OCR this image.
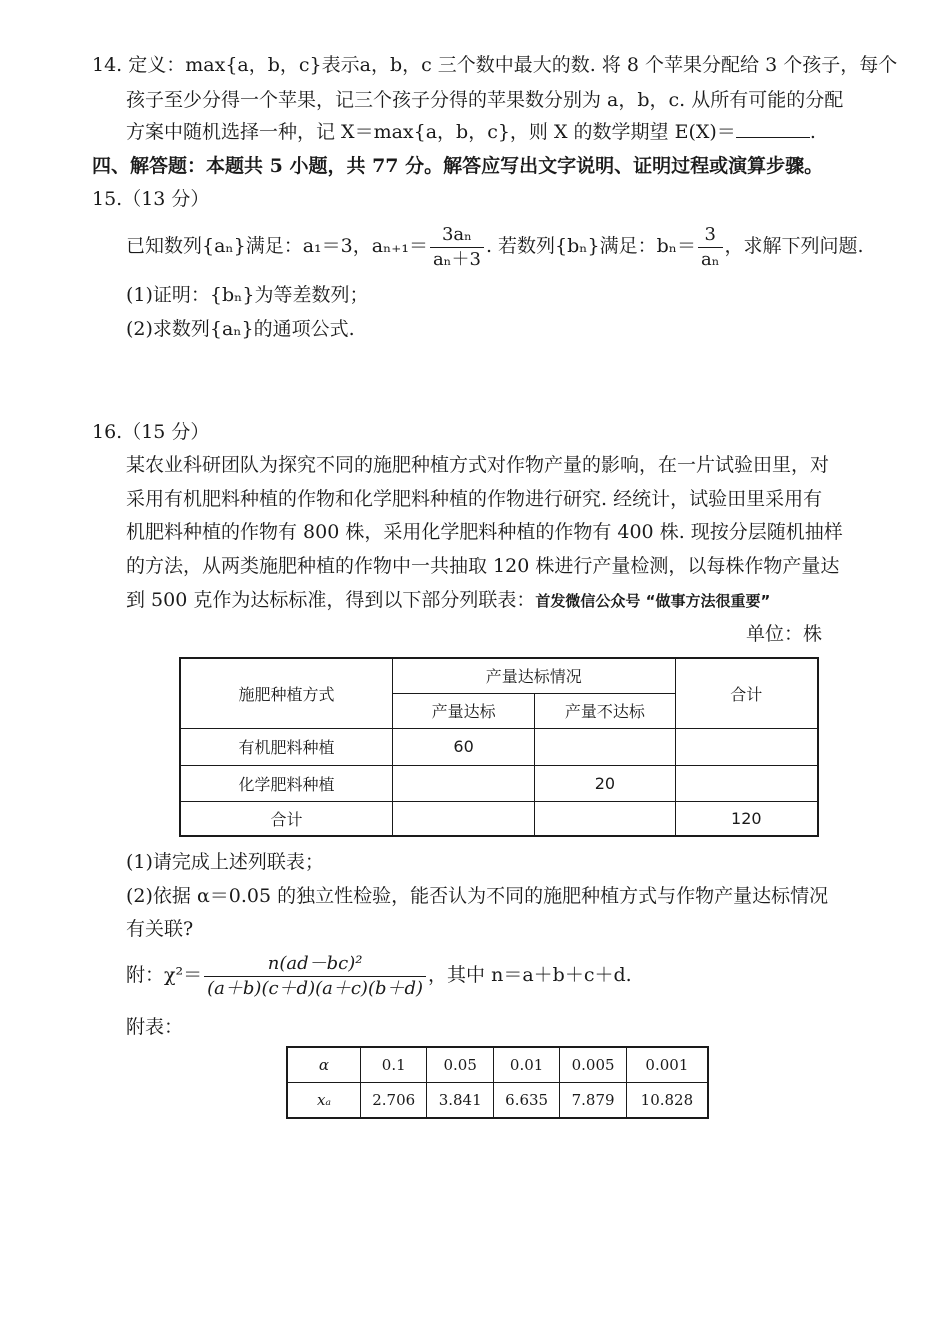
14. 定义：max{a，b，c}表示a，b，c 三个数中最大的数. 将 8 个苹果分配给 3 个孩子，每个
孩子至少分得一个苹果，记三个孩子分得的苹果数分别为 a，b，c. 从所有可能的分配
方案中随机选择一种，记 X＝max{a，b，c}，则 X 的数学期望 E(X)＝	.
四、解答题：本题共 5 小题，共 77 分。解答应写出文字说明、证明过程或演算步骤。
15.（13 分）
已知数列{aₙ}满足：a₁＝3，$a_{n+1}= \frac{\text{3aₙ}}{\text{aₙ＋3}}$ . 若数列{bₙ}满足：$b_n= \frac{3}{\text{aₙ}}$ ，求解下列问题.
(1)证明：{bₙ}为等差数列；
(2)求数列{aₙ}的通项公式.
16.（15 分）
某农业科研团队为探究不同的施肥种植方式对作物产量的影响，在一片试验田里，对
采用有机肥料种植的作物和化学肥料种植的作物进行研究. 经统计，试验田里采用有
机肥料种植的作物有 800 株，采用化学肥料种植的作物有 400 株. 现按分层随机抽样
的方法，从两类施肥种植的作物中一共抽取 120 株进行产量检测，以每株作物产量达
到 500 克作为达标标准，得到以下部分列联表：首发微信公众号 “做事方法很重要”
单位：株
施肥种植方式	产量达标情况		合计
	产量达标	产量不达标	
有机肥料种植	60		
化学肥料种植		20	
合计			120
(1)请完成上述列联表；
(2)依据 α＝0.05 的独立性检验，能否认为不同的施肥种植方式与作物产量达标情况
有关联?
附：$\chi^2= \frac{\text{n(ad－bc)²}}{(a+b)(c+d)(a+c)(b+d)}$ ，其中 n＝a＋b＋c＋d.
附表：
α	0.1	0.05	0.01	0.005	0.001
xₐ	2.706	3.841	6.635	7.879	10.828
